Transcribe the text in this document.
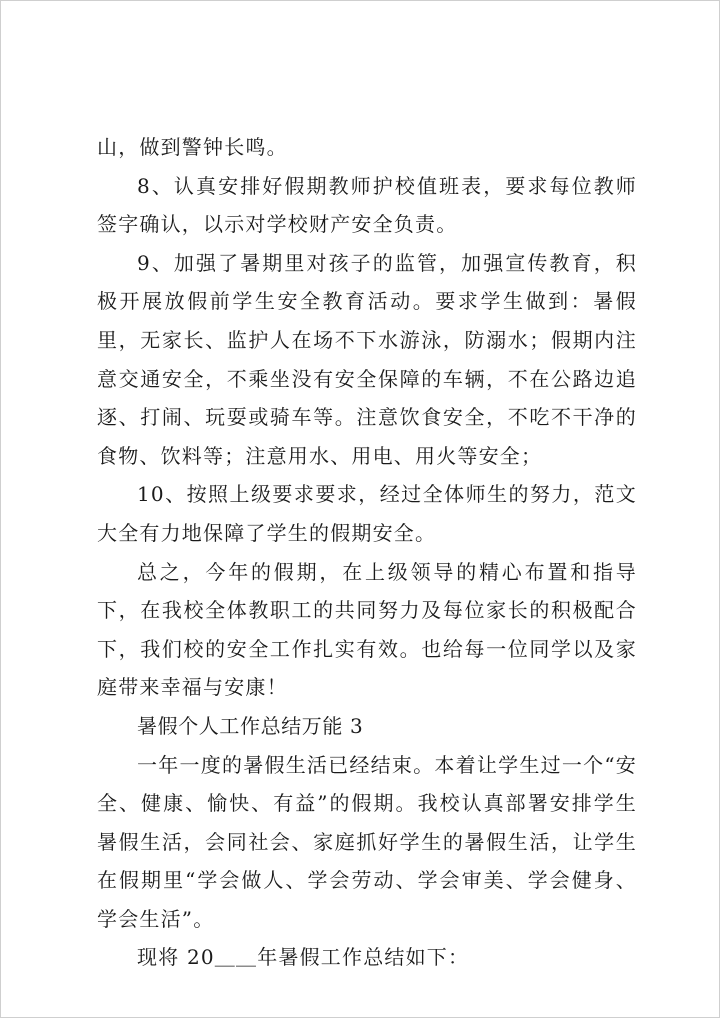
山，做到警钟长鸣。

8、认真安排好假期教师护校值班表，要求每位教师签字确认，以示对学校财产安全负责。

9、加强了暑期里对孩子的监管，加强宣传教育，积极开展放假前学生安全教育活动。要求学生做到：暑假里，无家长、监护人在场不下水游泳，防溺水；假期内注意交通安全，不乘坐没有安全保障的车辆，不在公路边追逐、打闹、玩耍或骑车等。注意饮食安全，不吃不干净的食物、饮料等；注意用水、用电、用火等安全；

10、按照上级要求要求，经过全体师生的努力，范文大全有力地保障了学生的假期安全。

总之，今年的假期，在上级领导的精心布置和指导下，在我校全体教职工的共同努力及每位家长的积极配合下，我们校的安全工作扎实有效。也给每一位同学以及家庭带来幸福与安康！

暑假个人工作总结万能 3

一年一度的暑假生活已经结束。本着让学生过一个“安全、健康、愉快、有益”的假期。我校认真部署安排学生暑假生活，会同社会、家庭抓好学生的暑假生活，让学生在假期里“学会做人、学会劳动、学会审美、学会健身、学会生活”。

现将 20＿＿年暑假工作总结如下：
